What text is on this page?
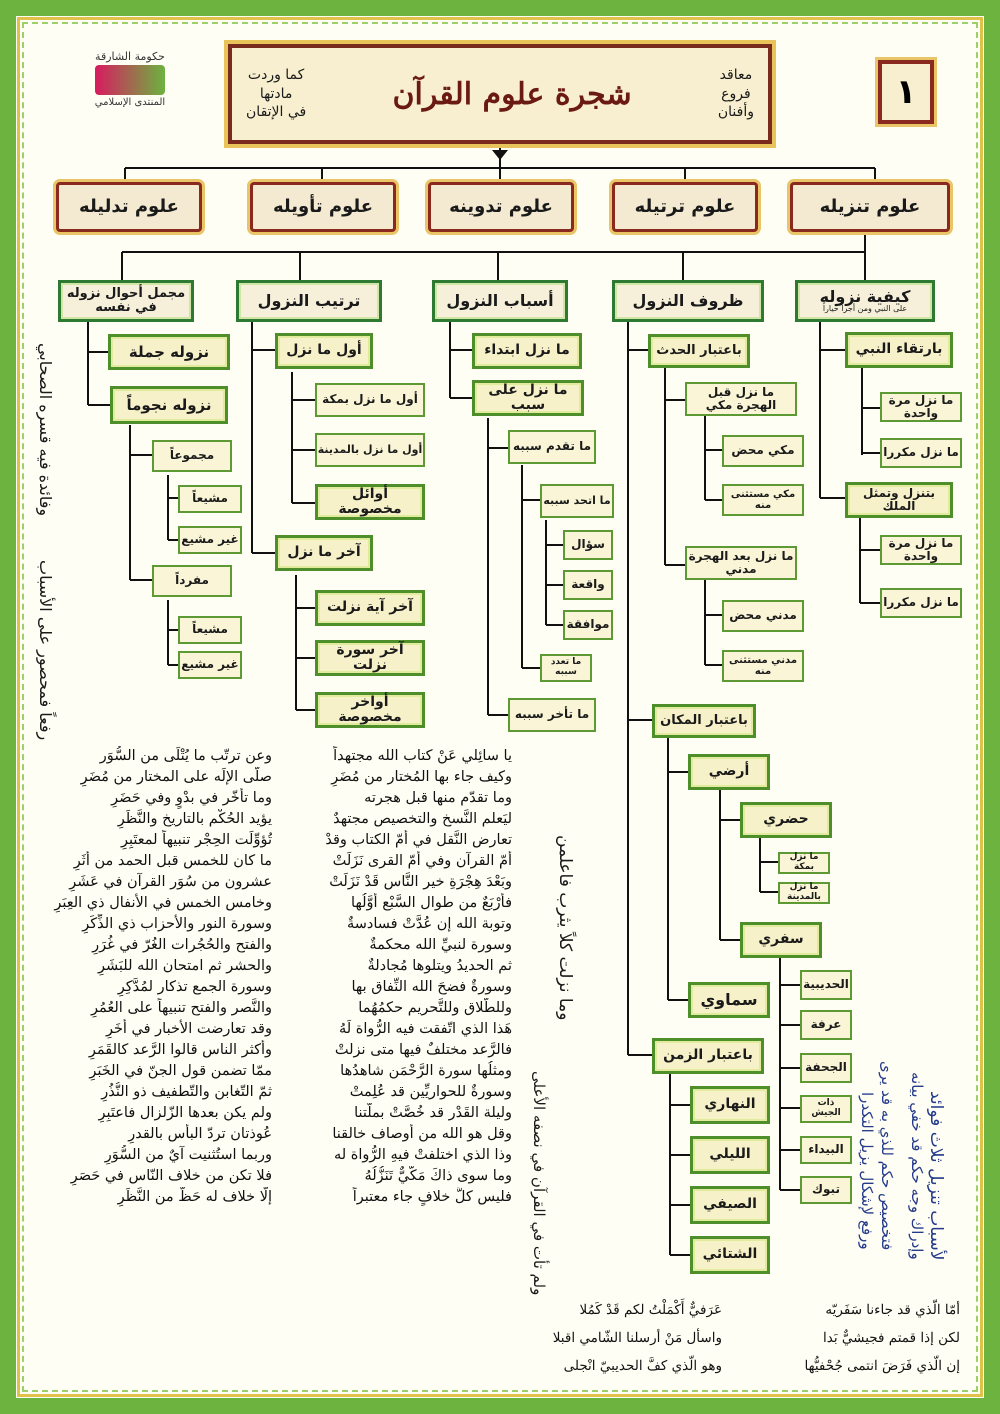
١
معاقد
فروع
وأفنان
شجرة علوم القرآن
كما وردت
مادتها
في الإتقان
حكومة الشارقة
المنتدى الإسلامي
علوم تنزيله
علوم ترتيله
علوم تدوينه
علوم تأويله
علوم تدليله
كيفية نزوله
على النبي ومن أجرا خياراً
ظروف النزول
أسباب النزول
ترتيب النزول
مجمل أحوال نزوله في نفسه
بارتقاء النبي
ما نزل مرة واحدة
ما نزل مكررا
بتنزل وتمثل الملك
ما نزل مرة واحدة
ما نزل مكررا
باعتبار الحدث
ما نزل قبل الهجرة مكي
مكي محض
مكي مستثنى منه
ما نزل بعد الهجرة مدني
مدني محض
مدني مستثنى منه
باعتبار المكان
أرضي
حضري
ما نزل بمكة
ما نزل بالمدينة
سفري
الحديبية
عرفة
الجحفة
ذات الجيش
البيداء
تبوك
سماوي
باعتبار الزمن
النهاري
الليلي
الصيفي
الشتائي
ما نزل ابتداء
ما نزل على سبب
ما تقدم سببه
ما اتحد سببه
سؤال
واقعة
موافقة
ما تعدد سببه
ما تأخر سببه
أول ما نزل
أول ما نزل بمكة
أول ما نزل بالمدينة
أوائل مخصوصة
آخر ما نزل
آخر آية نزلت
آخر سورة نزلت
أواخر مخصوصة
نزوله جملة
نزوله نجوماً
مجموعاً
مشيعاً
غير مشيع
مفرداً
مشيعاً
غير مشيع
وفائدة فيه قسره الصحابي
رفعاً فمحصور على الأسباب
لأسباب تنزيل ثلاث فوائد
وإدراك وجه حكم قد خفي بيانه
فتخصيص حكم للذي به قد يرى
ورفع لإشكال يزيل التكدرا
وما نزلت كلاً يثرب فاعلمن
ولم تأت في القرآن في نصفه الأعلى
وعن ترتّب ما يُتْلَى من السُّوَر
صلّى الإلَه على المختار من مُضَرِ
وما تأخّر في بدْوٍ وفي حَضَرِ
يؤيد الحُكْم بالتاريخ والنَّظَرِ
تُؤوِّلَت الحِجْر تنبيهاً لمعتَبِرِ
ما كان للخمس قبل الحمد من أثَرِ
عشرون من سُوَر القرآن في عَشَرِ
وخامس الخمس في الأنفال ذي العِبَرِ
وسورة النور والأحزاب ذي الذِّكَرِ
والفتح والحُجُرات الغُرّ في غُرَرِ
والحشر ثم امتحان الله للبَشَرِ
وسورة الجمع تذكار لمُدَّكِرِ
والنَّصر والفتح تنبيهاً على العُمُرِ
وقد تعارضت الأخبار في أُخَرِ
وأكثر الناس قالوا الرَّعد كالقَمَرِ
ممّا تضمن قول الجنّ في الخَبَرِ
ثمّ التّغابن والتّطفيف ذو النُّذُرِ
ولم يكن بعدها الزّلزال فاعتَبِرِ
عُوذتان تردّ البأس بالقدرِ
وربما استُثنيت آيٌ من السُّوَرِ
فلا تكن من خلاف النّاس في حَصَرِ
إلّا خلاف له حَظٌّ من النَّظَرِ
يا سائِلي عَنْ كتاب الله مجتهداً
وكيف جاء بها المُختار من مُضَرِ
وما تقدّم منها قبل هجرته
ليَعلم النَّسخ والتخصيص مجتهدٌ
تعارض النَّقل في أُمّ الكتاب وقدْ
أُمّ القرآن وفي أُمّ القرى نَزَلَتْ
وبَعْدَ هِجْرَةِ خير النَّاس قَدْ نَزَلَتْ
فأَرْبَعٌ من طوال السَّبْع أَوَّلُها
وتوبة الله إن عُدَّتْ فسادسةٌ
وسورة لنبيِّ الله محكمةٌ
ثم الحديدُ ويتلوها مُجادلةٌ
وسورةٌ فضحَ الله النِّفاق بها
وللطَّلاق وللتَّحريم حكمُهُما
هَذا الذي اتّفقت فيه الرُّواة لَهُ
فالرَّعد مختلفٌ فيها متى نزلتْ
ومثلُها سورة الرَّحْمَن شاهدُها
وسورةٌ للحواريِّين قد عُلِمتْ
وليلة القَدْر قد خُصَّتْ بملَّتنا
وقل هو الله من أوصاف خالقنا
وذا الذي اختلفتْ فيهِ الرُّواة له
وما سوى ذاكَ مَكّيٌّ تَنَزُّلُهُ
فليس كلُّ خلافٍ جاء معتبراً
عَرَفيٌّ أَكْمَلْتُ لكم قَدْ كَمُلا
واسأل مَنْ أرسلنا الشّامي اقبلا
وهو الّذي كفَّ الحديبيّ انْجلى
أمّا الّذي قد جاءنا سَفَريّه
لكن إذا قمتم فجيشيٌّ بَدا
إن الّذي فَرَضَ انتمى جُحْفيُّها
